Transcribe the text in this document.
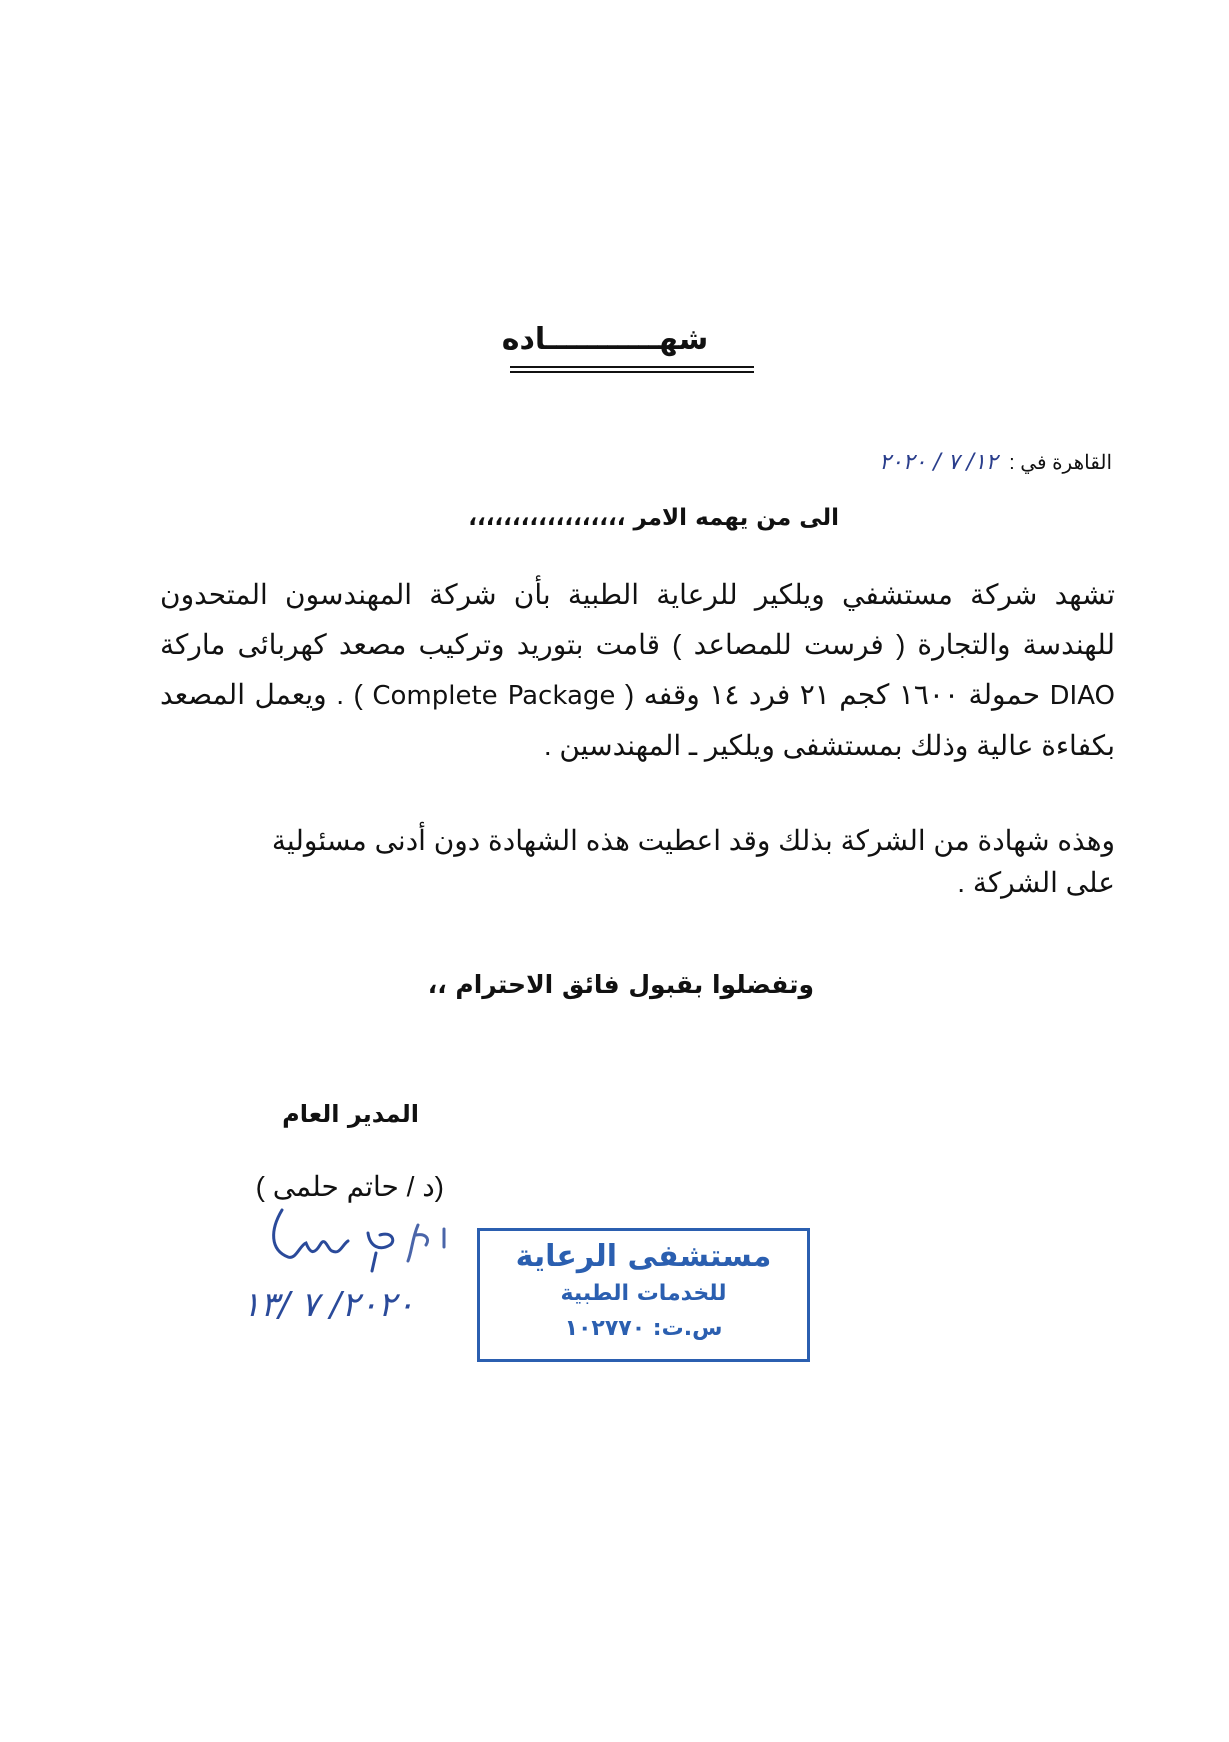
شهـــــــــــاده
القاهرة في : ١٢/ ٧ / ٢٠٢٠
الى من يهمه الامر ،،،،،،،،،،،،،،،،،،
تشهد شركة مستشفي ويلكير للرعاية الطبية بأن شركة المهندسون المتحدون للهندسة والتجارة ( فرست للمصاعد ) قامت بتوريد وتركيب مصعد كهربائى ماركة DIAO حمولة ١٦٠٠ كجم ٢١ فرد ١٤ وقفه ( Complete Package ) . ويعمل المصعد بكفاءة عالية وذلك بمستشفى ويلكير ـ المهندسين .
وهذه شهادة من الشركة بذلك وقد اعطيت هذه الشهادة دون أدنى مسئولية على الشركة .
وتفضلوا بقبول فائق الاحترام ،،
المدير العام
(د / حاتم حلمى )
٢٠٢٠/ ٧ /١٣
مستشفى الرعاية
للخدمات الطبية
س.ت: ١٠٢٧٧٠
